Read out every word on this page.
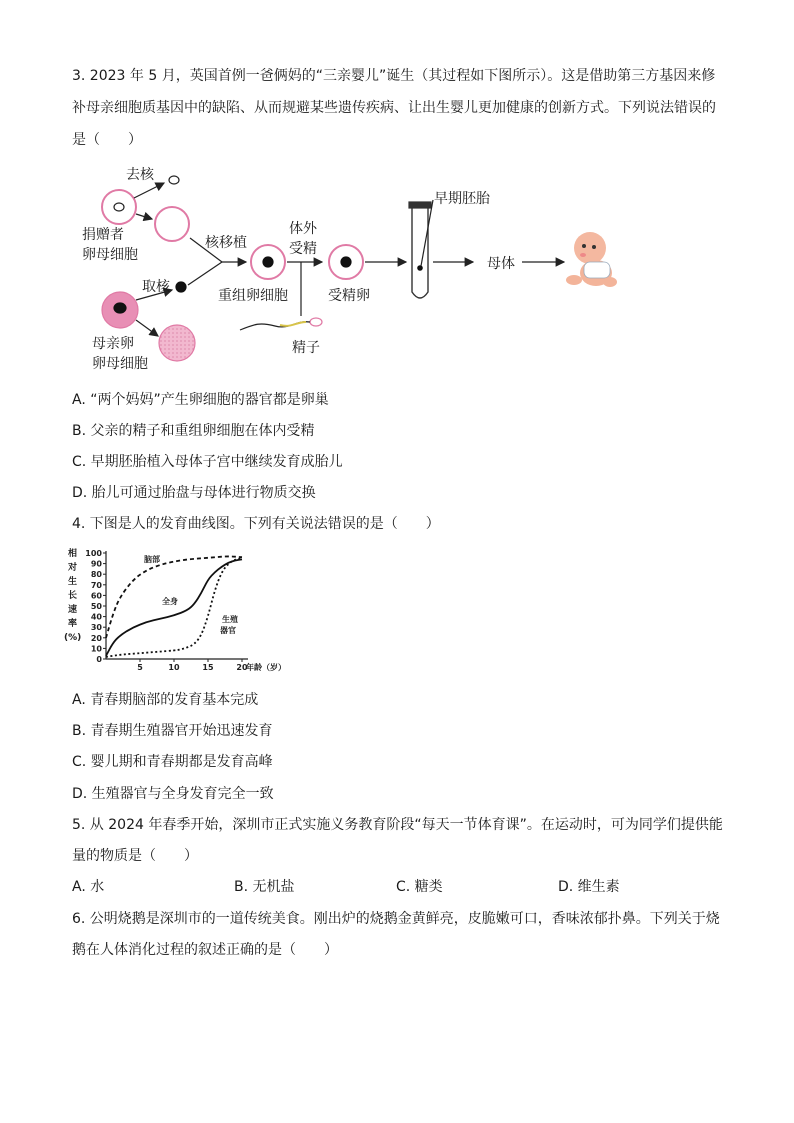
3. 2023 年 5 月，英国首例一爸俩妈的“三亲婴儿”诞生（其过程如下图所示）。这是借助第三方基因来修
补母亲细胞质基因中的缺陷、从而规避某些遗传疾病、让出生婴儿更加健康的创新方式。下列说法错误的
是（　　）
去核
捐赠者
卵母细胞
核移植
体外
受精
取核
重组卵细胞	受精卵
母亲卵
卵母细胞
精子
早期胚胎
母体
A. “两个妈妈”产生卵细胞的器官都是卵巢
B. 父亲的精子和重组卵细胞在体内受精
C. 早期胚胎植入母体子宫中继续发育成胎儿
D. 胎儿可通过胎盘与母体进行物质交换
4. 下图是人的发育曲线图。下列有关说法错误的是（　　）
相
对
生
长
速
率
(%)
100
90
80
70
60
50
40
30
20
10
0
5	10	15	20
脑部
全身
生殖
器官
年龄（岁）
A. 青春期脑部的发育基本完成
B. 青春期生殖器官开始迅速发育
C. 婴儿期和青春期都是发育高峰
D. 生殖器官与全身发育完全一致
5. 从 2024 年春季开始，深圳市正式实施义务教育阶段“每天一节体育课”。在运动时，可为同学们提供能
量的物质是（　　）
A. 水	B. 无机盐	C. 糖类	D. 维生素
6. 公明烧鹅是深圳市的一道传统美食。刚出炉的烧鹅金黄鲜亮，皮脆嫩可口，香味浓郁扑鼻。下列关于烧
鹅在人体消化过程的叙述正确的是（　　）
